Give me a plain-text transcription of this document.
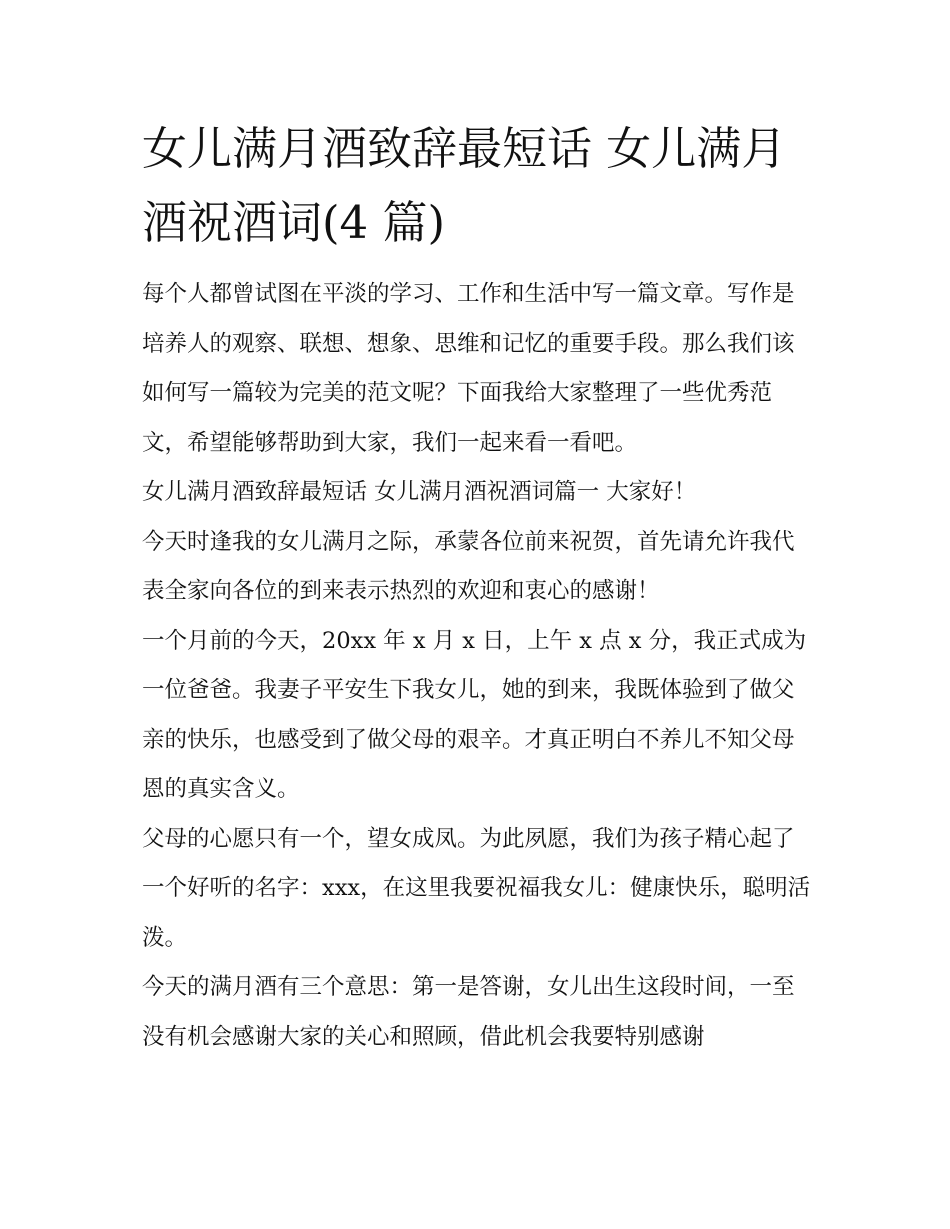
女儿满月酒致辞最短话 女儿满月酒祝酒词(4 篇)

每个人都曾试图在平淡的学习、工作和生活中写一篇文章。写作是培养人的观察、联想、想象、思维和记忆的重要手段。那么我们该如何写一篇较为完美的范文呢？下面我给大家整理了一些优秀范文，希望能够帮助到大家，我们一起来看一看吧。

女儿满月酒致辞最短话 女儿满月酒祝酒词篇一 大家好！

今天时逢我的女儿满月之际，承蒙各位前来祝贺，首先请允许我代表全家向各位的到来表示热烈的欢迎和衷心的感谢！

一个月前的今天，20xx 年 x 月 x 日，上午 x 点 x 分，我正式成为一位爸爸。我妻子平安生下我女儿，她的到来，我既体验到了做父亲的快乐，也感受到了做父母的艰辛。才真正明白不养儿不知父母恩的真实含义。

父母的心愿只有一个，望女成凤。为此夙愿，我们为孩子精心起了一个好听的名字：xxx，在这里我要祝福我女儿：健康快乐，聪明活泼。

今天的满月酒有三个意思：第一是答谢，女儿出生这段时间，一至没有机会感谢大家的关心和照顾，借此机会我要特别感谢
